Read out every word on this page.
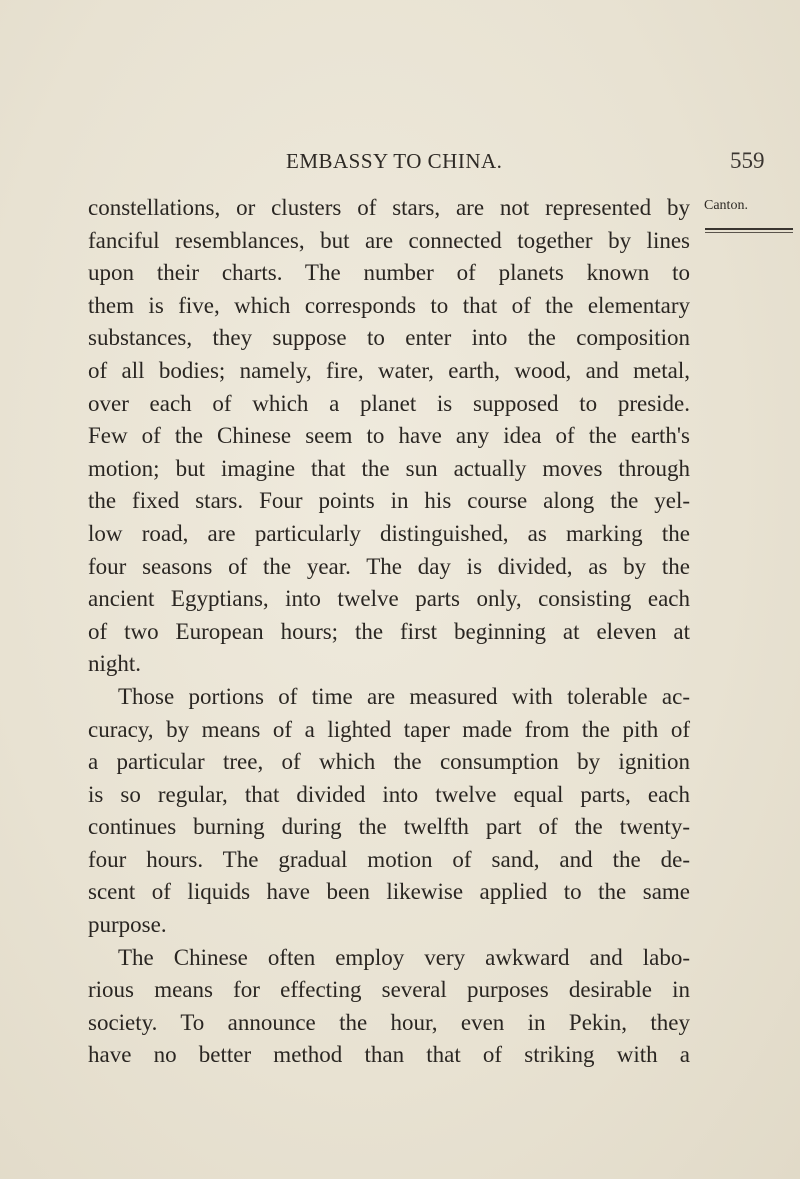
EMBASSY TO CHINA.	559
Canton.
constellations, or clusters of stars, are not represented by
fanciful resemblances, but are connected together by lines
upon their charts. The number of planets known to
them is five, which corresponds to that of the elementary
substances, they suppose to enter into the composition
of all bodies; namely, fire, water, earth, wood, and metal,
over each of which a planet is supposed to preside.
Few of the Chinese seem to have any idea of the earth's
motion; but imagine that the sun actually moves through
the fixed stars. Four points in his course along the yel-
low road, are particularly distinguished, as marking the
four seasons of the year. The day is divided, as by the
ancient Egyptians, into twelve parts only, consisting each
of two European hours; the first beginning at eleven at
night.
Those portions of time are measured with tolerable ac-
curacy, by means of a lighted taper made from the pith of
a particular tree, of which the consumption by ignition
is so regular, that divided into twelve equal parts, each
continues burning during the twelfth part of the twenty-
four hours. The gradual motion of sand, and the de-
scent of liquids have been likewise applied to the same
purpose.
The Chinese often employ very awkward and labo-
rious means for effecting several purposes desirable in
society. To announce the hour, even in Pekin, they
have no better method than that of striking with a
